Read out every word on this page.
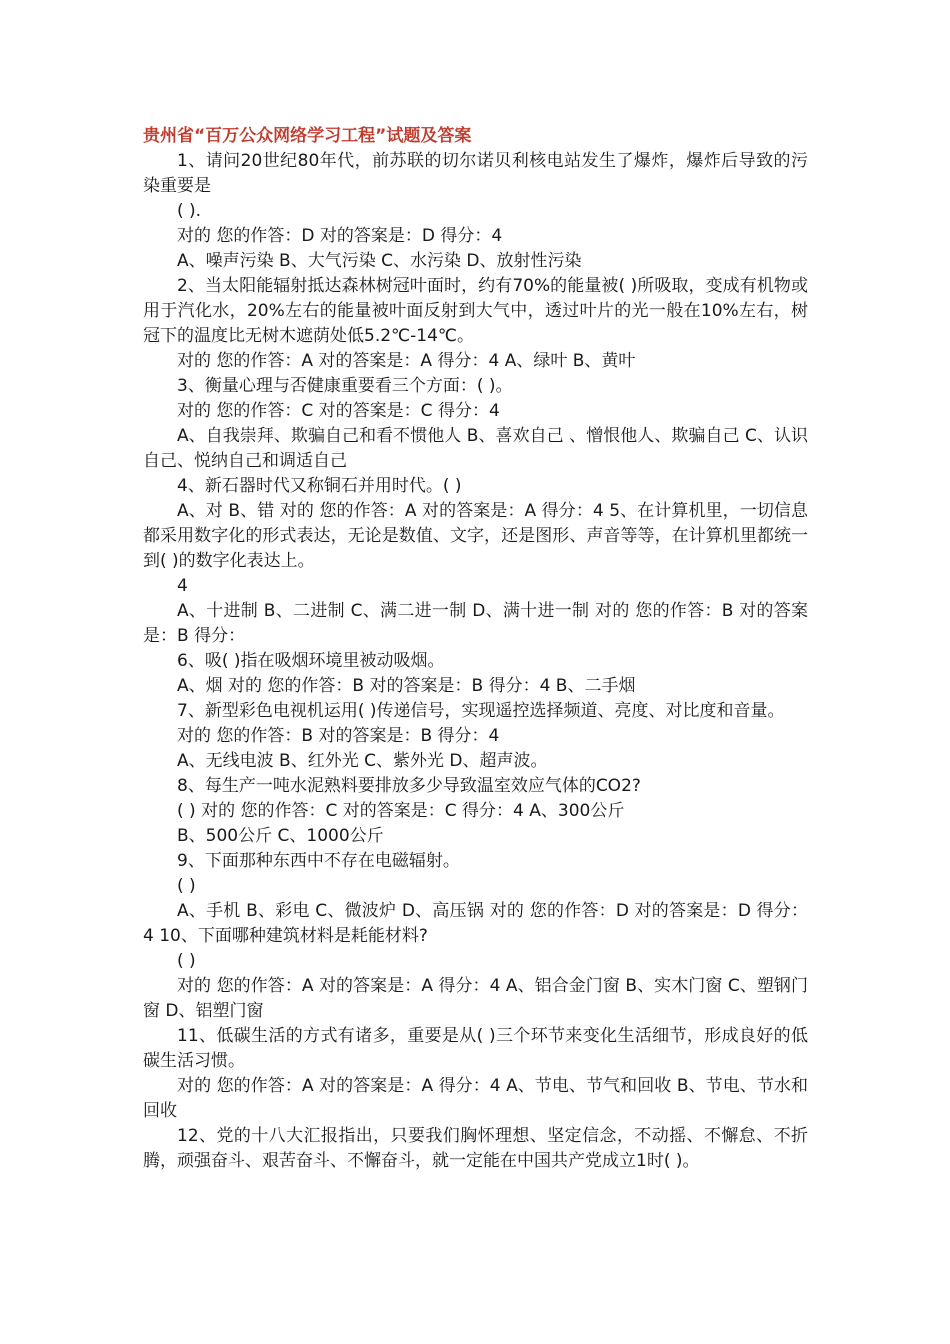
贵州省“百万公众网络学习工程”试题及答案

1、请问20世纪80年代，前苏联的切尔诺贝利核电站发生了爆炸，爆炸后导致的污染重要是

( ).

对的 您的作答：D 对的答案是：D 得分：4

A、噪声污染 B、大气污染 C、水污染 D、放射性污染

2、当太阳能辐射抵达森林树冠叶面时，约有70%的能量被( )所吸取，变成有机物或用于汽化水，20%左右的能量被叶面反射到大气中，透过叶片的光一般在10%左右，树冠下的温度比无树木遮荫处低5.2℃-14℃。

对的 您的作答：A 对的答案是：A 得分：4 A、绿叶 B、黄叶

3、衡量心理与否健康重要看三个方面：( )。

对的 您的作答：C 对的答案是：C 得分：4

A、自我崇拜、欺骗自己和看不惯他人 B、喜欢自己 、憎恨他人、欺骗自己 C、认识自己、悦纳自己和调适自己

4、新石器时代又称铜石并用时代。( )

A、对 B、错 对的 您的作答：A 对的答案是：A 得分：4 5、在计算机里，一切信息都采用数字化的形式表达，无论是数值、文字，还是图形、声音等等，在计算机里都统一到( )的数字化表达上。

4

A、十进制 B、二进制 C、满二进一制 D、满十进一制 对的 您的作答：B 对的答案是：B 得分：

6、吸( )指在吸烟环境里被动吸烟。

A、烟 对的 您的作答：B 对的答案是：B 得分：4 B、二手烟

7、新型彩色电视机运用( )传递信号，实现遥控选择频道、亮度、对比度和音量。

对的 您的作答：B 对的答案是：B 得分：4

A、无线电波 B、红外光 C、紫外光 D、超声波。

8、每生产一吨水泥熟料要排放多少导致温室效应气体的CO2?

( ) 对的 您的作答：C 对的答案是：C 得分：4 A、300公斤

B、500公斤 C、1000公斤

9、下面那种东西中不存在电磁辐射。

( )

A、手机 B、彩电 C、微波炉 D、高压锅 对的 您的作答：D 对的答案是：D 得分：4 10、下面哪种建筑材料是耗能材料?

( )

对的 您的作答：A 对的答案是：A 得分：4 A、铝合金门窗 B、实木门窗 C、塑钢门窗 D、铝塑门窗

11、低碳生活的方式有诸多，重要是从( )三个环节来变化生活细节，形成良好的低碳生活习惯。

对的 您的作答：A 对的答案是：A 得分：4 A、节电、节气和回收 B、节电、节水和回收

12、党的十八大汇报指出，只要我们胸怀理想、坚定信念，不动摇、不懈怠、不折腾，顽强奋斗、艰苦奋斗、不懈奋斗，就一定能在中国共产党成立1时( )。
